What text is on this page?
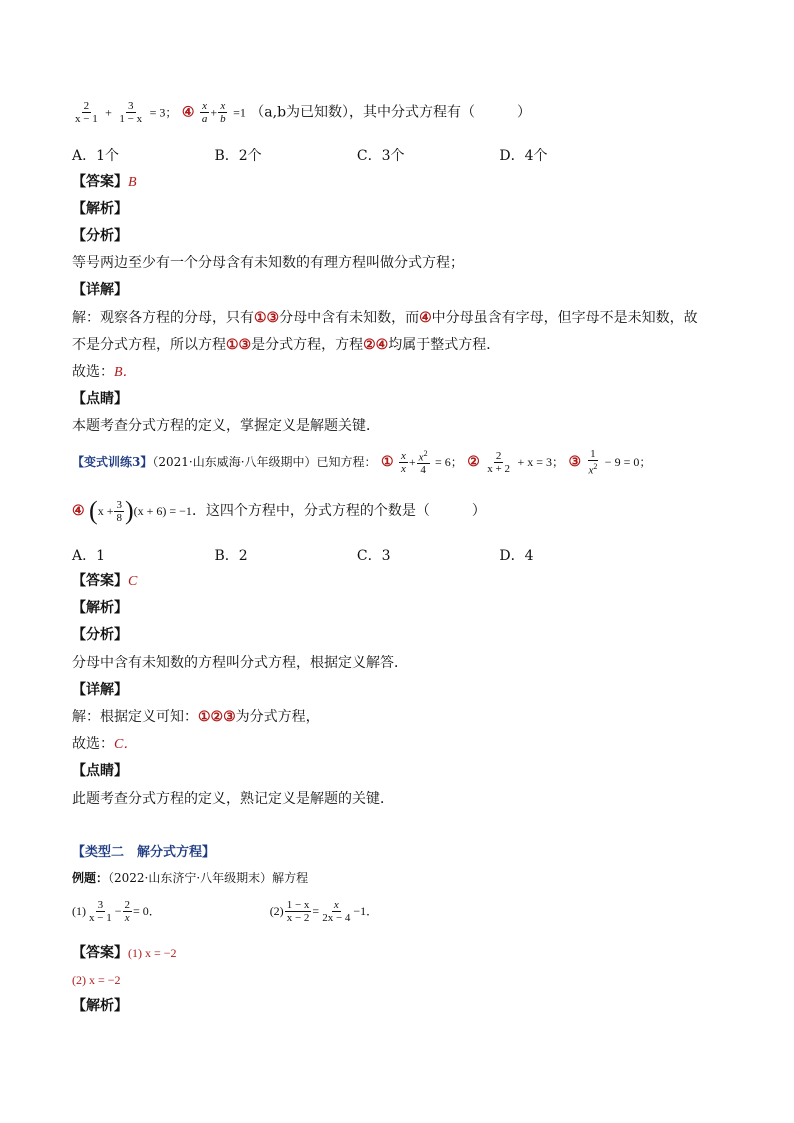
$\frac{2}{x - 1} + \frac{3}{1 - x} = 3$； ④ $\frac{x}{a} + \frac{x}{b} =1$ （a,b为已知数），其中分式方程有（　　　）
A．1个	B．2个	C．3个	D．4个
【答案】B
【解析】
【分析】
等号两边至少有一个分母含有未知数的有理方程叫做分式方程；
【详解】
解：观察各方程的分母，只有①③分母中含有未知数，而④中分母虽含有字母，但字母不是未知数，故
不是分式方程，所以方程①③是分式方程，方程②④均属于整式方程．
故选：B．
【点睛】
本题考查分式方程的定义，掌握定义是解题关键．
【变式训练3】（2021·山东威海·八年级期中）已知方程： ① $\frac{x}{x} + \frac{x^2}{4} = 6$； ② $\frac{2}{x + 2} + x = 3$； ③ $\frac{1}{x^2} - 9 = 0$；
④ $(x + \frac{3}{8} )(x + 6) = -1$．这四个方程中，分式方程的个数是（　　　）
A．1	B．2	C．3	D．4
【答案】C
【解析】
【分析】
分母中含有未知数的方程叫分式方程，根据定义解答．
【详解】
解：根据定义可知：①②③为分式方程，
故选：C．
【点睛】
此题考查分式方程的定义，熟记定义是解题的关键．
【类型二　解分式方程】
例题：（2022·山东济宁·八年级期末）解方程
$(1) \frac{3}{x - 1} - \frac{2}{x} = 0$．	$(2) \frac{1 - x}{x - 2} = \frac{x}{2x - 4} -1$．
【答案】(1) x = −2
(2) x = −2
【解析】
